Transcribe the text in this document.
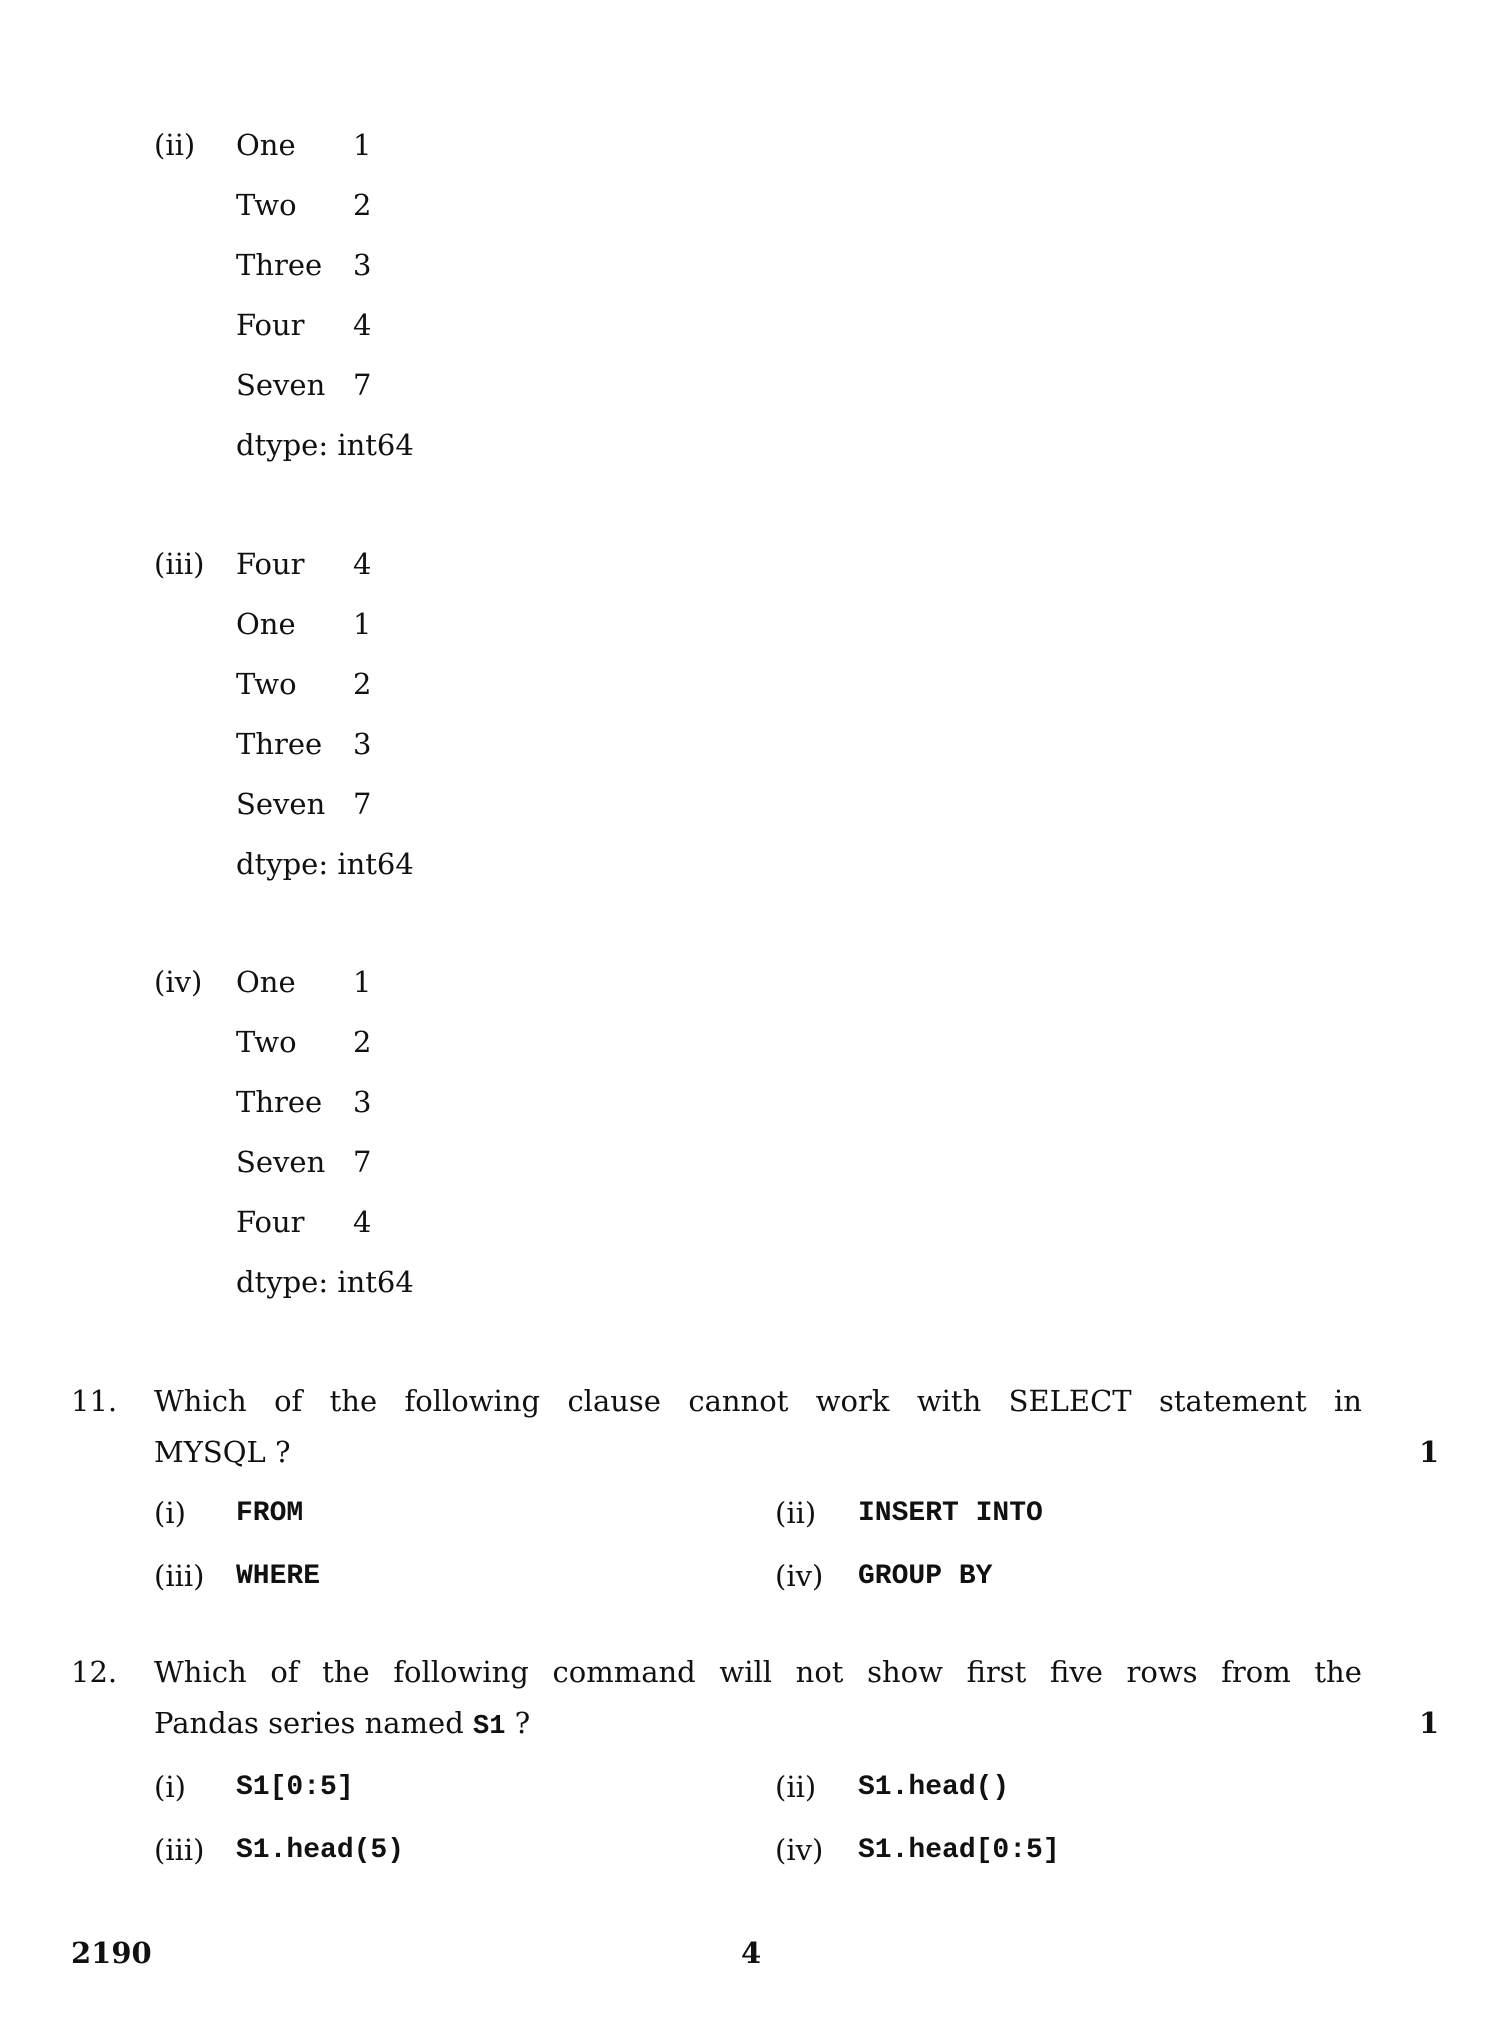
(ii) One 1
Two 2
Three 3
Four 4
Seven 7
dtype: int64
(iii) Four 4
One 1
Two 2
Three 3
Seven 7
dtype: int64
(iv) One 1
Two 2
Three 3
Seven 7
Four 4
dtype: int64
11. Which of the following clause cannot work with SELECT statement in
MYSQL ?	1
(i) FROM	(ii) INSERT INTO
(iii) WHERE	(iv) GROUP BY
12. Which of the following command will not show first five rows from the
Pandas series named S1 ?	1
(i) S1[0:5]	(ii) S1.head()
(iii) S1.head(5)	(iv) S1.head[0:5]
2190	4
